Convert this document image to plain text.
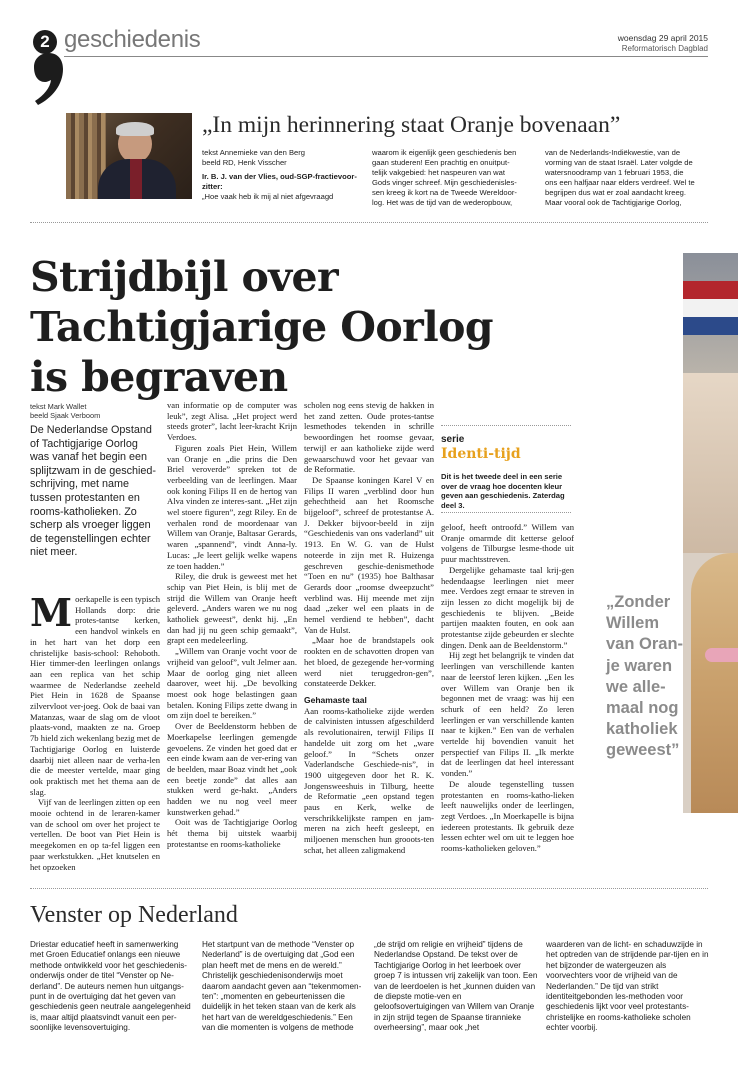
2 geschiedenis	woensdag 29 april 2015
Reformatorisch Dagblad
„In mijn herinnering staat Oranje bovenaan”
tekst Annemieke van den Berg
beeld RD, Henk Visscher
Ir. B. J. van der Vlies, oud-SGP-fractievoor-
zitter:
„Hoe vaak heb ik mij al niet afgevraagd
waarom ik eigenlijk geen geschiedenis ben
gaan studeren! Een prachtig en onuitput-
telijk vakgebied: het naspeuren van wat
Gods vinger schreef. Mijn geschiedenisles-
sen kreeg ik kort na de Tweede Wereldoor-
log. Het was de tijd van de wederopbouw,
van de Nederlands-Indiëkwestie, van de
vorming van de staat Israël. Later volgde de
watersnoodramp van 1 februari 1953, die
ons een halfjaar naar elders verdreef. Wel te
begrijpen dus wat er zoal aandacht kreeg.
Maar vooral ook de Tachtigjarige Oorlog,
Strijdbijl over
Tachtigjarige Oorlog
is begraven
tekst Mark Wallet
beeld Sjaak Verboom
De Nederlandse Opstand of Tachtigjarige Oorlog was vanaf het begin een splijtzwam in de geschied-schrijving, met name tussen protestanten en rooms-katholieken. Zo scherp als vroeger liggen de tegenstellingen echter niet meer.
M oerkapelle is een typisch Hollands dorp: drie protes-tantse kerken, een handvol winkels en in het hart van het dorp een christelijke basis-school: Rehoboth. Hier timmer-den leerlingen onlangs aan een replica van het schip waarmee de Nederlandse zeeheld Piet Hein in 1628 de Spaanse zilvervloot ver-joeg. Ook de baai van Matanzas, waar de slag om de vloot plaats-vond, maakten ze na. Groep 7b hield zich wekenlang bezig met de Tachtigjarige Oorlog en luisterde daarbij niet alleen naar de verha-len die de meester vertelde, maar ging ook praktisch met het thema aan de slag.

Vijf van de leerlingen zitten op een mooie ochtend in de leraren-kamer van de school om over het project te vertellen. De boot van Piet Hein is meegekomen en op ta-fel liggen een paar werkstukken. „Het knutselen en het opzoeken

van informatie op de computer was leuk”, zegt Alisa. „Het project werd steeds groter”, lacht leer-kracht Krijn Verdoes.

Figuren zoals Piet Hein, Willem van Oranje en „die prins die Den Briel veroverde” spreken tot de verbeelding van de leerlingen. Maar ook koning Filips II en de hertog van Alva vinden ze interes-sant. „Het zijn wel stoere figuren”, zegt Riley. En de verhalen rond de moordenaar van Willem van Oranje, Baltasar Gerards, waren „spannend”, vindt Anna-ly. Lucas: „Je leert gelijk welke wapens ze toen hadden.”

Riley, die druk is geweest met het schip van Piet Hein, is blij met de strijd die Willem van Oranje heeft geleverd. „Anders waren we nu nog katholiek geweest”, denkt hij. „En dan had jij nu geen schip gemaakt”, grapt een medeleerling.

„Willem van Oranje vocht voor de vrijheid van geloof”, vult Jelmer aan. Maar de oorlog ging niet alleen daarover, weet hij. „De bevolking moest ook hoge belastingen gaan betalen. Koning Filips zette dwang in om zijn doel te bereiken.”

Over de Beeldenstorm hebben de Moerkapelse leerlingen gemengde gevoelens. Ze vinden het goed dat er een einde kwam aan de ver-ering van de beelden, maar Boaz vindt het „ook een beetje zonde” dat alles aan stukken werd ge-hakt. „Anders hadden we nu nog veel meer kunstwerken gehad.”

Ooit was de Tachtigjarige Oorlog hét thema bij uitstek waarbij protestantse en rooms-katholieke

scholen nog eens stevig de hakken in het zand zetten. Oude protes-tantse lesmethodes tekenden in schrille bewoordingen het roomse gevaar, terwijl er aan katholieke zijde werd gewaarschuwd voor het gevaar van de Reformatie.

De Spaanse koningen Karel V en Filips II waren „verblind door hun gehechtheid aan het Roomsche bijgeloof”, schreef de protestantse A. J. Dekker bijvoor-beeld in zijn “Geschiedenis van ons vaderland” uit 1913. En W. G. van de Hulst noteerde in zijn met R. Huizenga geschreven geschie-denismethode “Toen en nu” (1935) hoe Balthasar Gerards door „roomse dweepzucht” verblind was. Hij meende met zijn daad „zeker wel een plaats in de hemel verdiend te hebben”, dacht Van de Hulst.

„Maar hoe de brandstapels ook rookten en de schavotten dropen van het bloed, de gezegende her-vorming werd niet teruggedron-gen”, constateerde Dekker.

Gehamaste taal

Aan rooms-katholieke zijde werden de calvinisten intussen afgeschilderd als revolutionairen, terwijl Filips II handelde uit zorg om het „ware geloof.” In “Schets onzer Vaderlandsche Geschiede-nis”, in 1900 uitgegeven door het R. K. Jongensweeshuis in Tilburg, heette de Reformatie „een opstand tegen paus en Kerk, welke de verschrikkelijkste rampen en jam-meren na zich heeft gesleept, en miljoenen menschen hun grooots-ten schat, het alleen zaligmakend

serie
Identi-tijd
Dit is het tweede deel in een serie over de vraag hoe docenten kleur geven aan geschiedenis. Zaterdag deel 3.

geloof, heeft ontroofd.” Willem van Oranje omarmde dit ketterse geloof volgens de Tilburgse lesme-thode uit puur machtsstreven.

Dergelijke gehamaste taal krij-gen hedendaagse leerlingen niet meer mee. Verdoes zegt ernaar te streven in zijn lessen zo dicht mogelijk bij de geschiedenis te blijven. „Beide partijen maakten fouten, en ook aan protestantse zijde gebeurden er slechte dingen. Denk aan de Beeldenstorm.”

Hij zegt het belangrijk te vinden dat leerlingen van verschillende kanten naar de leerstof leren kijken. „Een les over Willem van Oranje ben ik begonnen met de vraag: was hij een schurk of een held? Zo leren leerlingen er van verschillende kanten naar te kijken.” Een van de verhalen vertelde hij bovendien vanuit het perspectief van Filips II. „Ik merkte dat de leerlingen dat heel interessant vonden.”

De aloude tegenstelling tussen protestanten en rooms-katho-lieken leeft nauwelijks onder de leerlingen, zegt Verdoes. „In Moerkapelle is bijna iedereen protestants. Ik gebruik deze lessen echter wel om uit te leggen hoe rooms-katholieken geloven.”

„Zonder
Willem
van Oran-
je waren
we alle-
maal nog
katholiek
geweest”
Venster op Nederland
Driestar educatief heeft in samenwerking met Groen Educatief onlangs een nieuwe methode ontwikkeld voor het geschiedenis-onderwijs onder de titel “Venster op Ne-derland”. De auteurs nemen hun uitgangs-punt in de overtuiging dat het geven van geschiedenis geen neutrale aangelegenheid is, maar altijd plaatsvindt vanuit een per-soonlijke levensovertuiging.
Het startpunt van de methode “Venster op Nederland” is de overtuiging dat „God een plan heeft met de mens en de wereld.” Christelijk geschiedenisonderwijs moet daarom aandacht geven aan “tekenmomen-ten”: „momenten en gebeurtenissen die duidelijk in het teken staan van de kerk als het hart van de wereldgeschiedenis.” Een van die momenten is volgens de methode
„de strijd om religie en vrijheid” tijdens de Nederlandse Opstand. De tekst over de Tachtigjarige Oorlog in het leerboek over groep 7 is intussen vrij zakelijk van toon. Een van de leerdoelen is het „kunnen duiden van de diepste motie-ven en geloofsovertuigingen van Willem van Oranje in zijn strijd tegen de Spaanse tirannieke overheersing”, maar ook „het
waarderen van de licht- en schaduwzijde in het optreden van de strijdende par-tijen en in het bijzonder de watergeuzen als voorvechters voor de vrijheid van de Nederlanden.” De tijd van strikt identiteitgebonden les-methoden voor geschiedenis lijkt voor veel protestants-christelijke en rooms-katholieke scholen echter voorbij.
